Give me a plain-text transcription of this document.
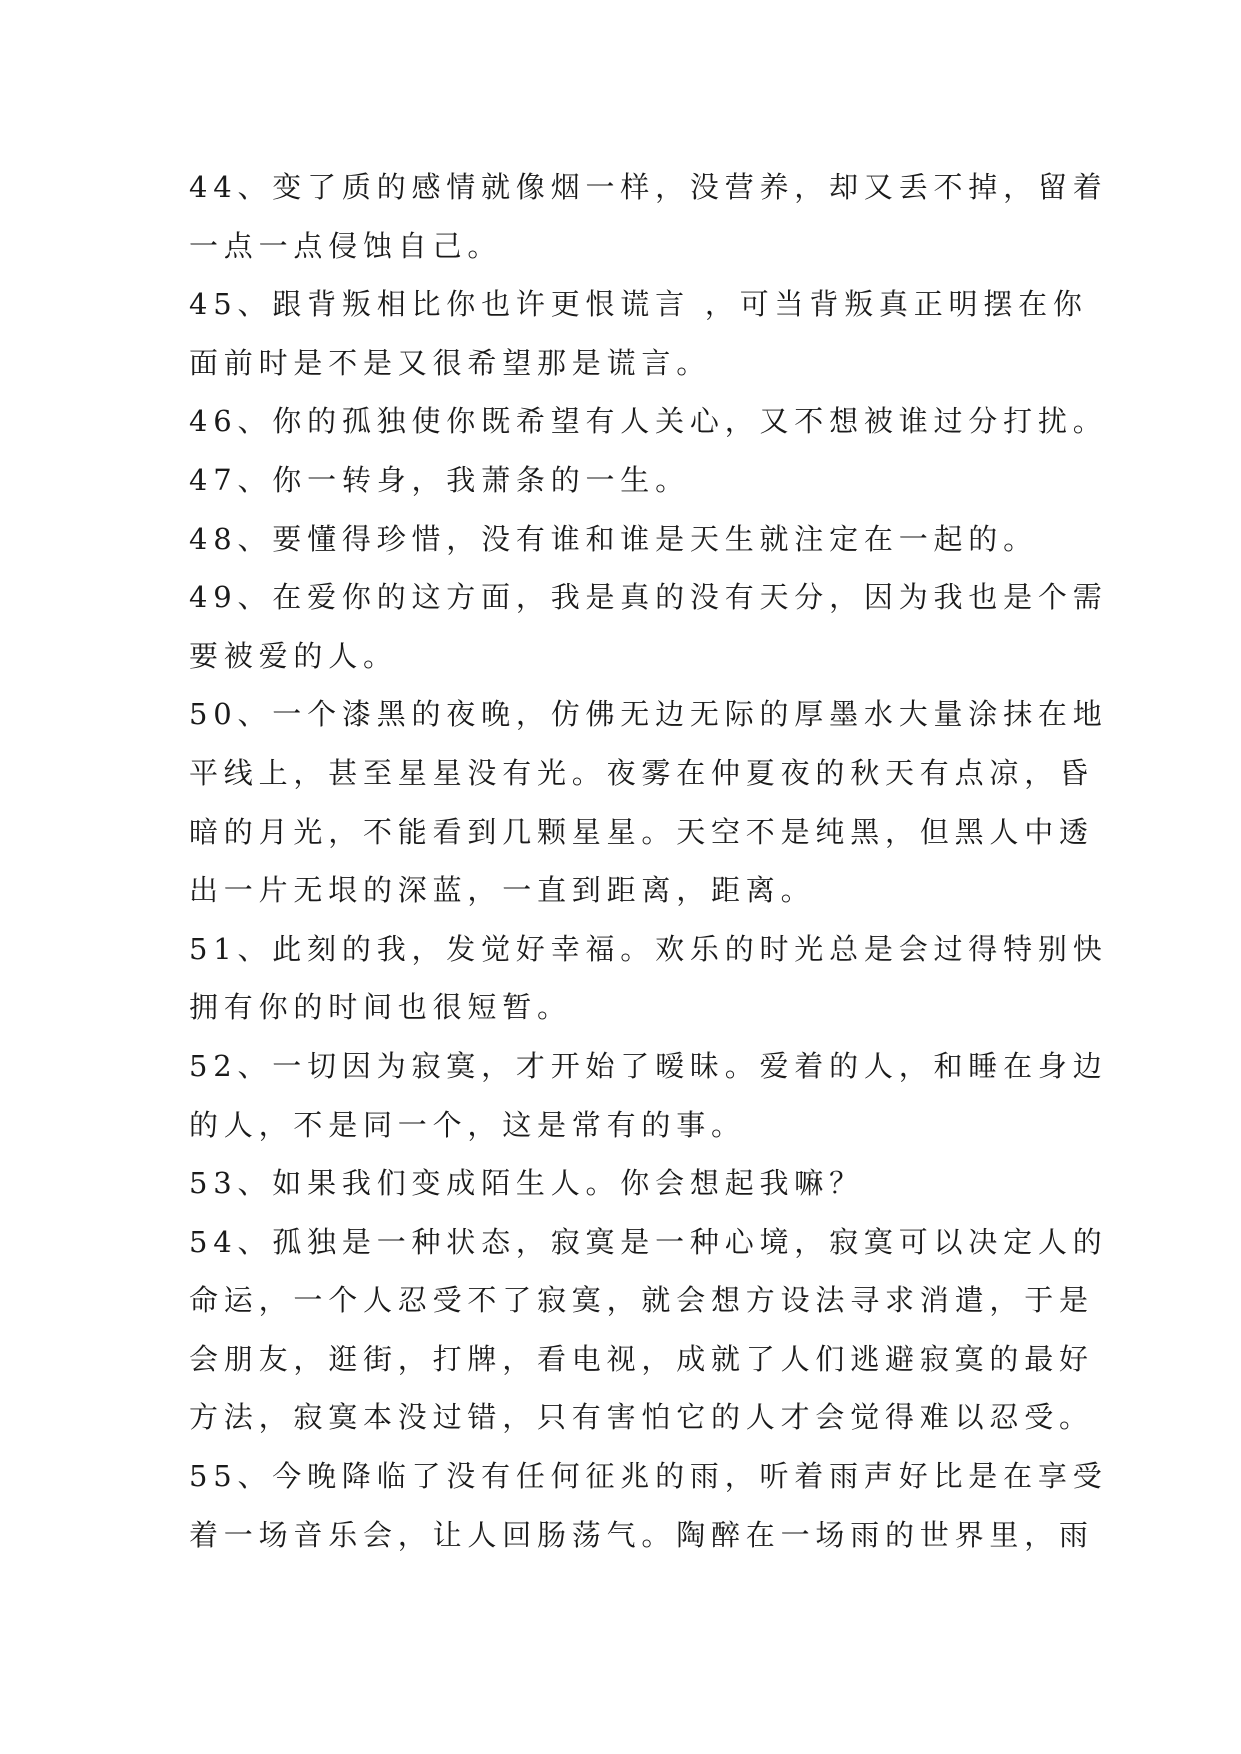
44、变了质的感情就像烟一样，没营养，却又丢不掉，留着
一点一点侵蚀自己。
45、跟背叛相比你也许更恨谎言 ，可当背叛真正明摆在你
面前时是不是又很希望那是谎言。
46、你的孤独使你既希望有人关心，又不想被谁过分打扰。
47、你一转身，我萧条的一生。
48、要懂得珍惜，没有谁和谁是天生就注定在一起的。
49、在爱你的这方面，我是真的没有天分，因为我也是个需
要被爱的人。
50、一个漆黑的夜晚，仿佛无边无际的厚墨水大量涂抹在地
平线上，甚至星星没有光。夜雾在仲夏夜的秋天有点凉，昏
暗的月光，不能看到几颗星星。天空不是纯黑，但黑人中透
出一片无垠的深蓝，一直到距离，距离。
51、此刻的我，发觉好幸福。欢乐的时光总是会过得特别快
拥有你的时间也很短暂。
52、一切因为寂寞，才开始了暧昧。爱着的人，和睡在身边
的人，不是同一个，这是常有的事。
53、如果我们变成陌生人。你会想起我嘛？
54、孤独是一种状态，寂寞是一种心境，寂寞可以决定人的
命运，一个人忍受不了寂寞，就会想方设法寻求消遣，于是
会朋友，逛街，打牌，看电视，成就了人们逃避寂寞的最好
方法，寂寞本没过错，只有害怕它的人才会觉得难以忍受。
55、今晚降临了没有任何征兆的雨，听着雨声好比是在享受
着一场音乐会，让人回肠荡气。陶醉在一场雨的世界里，雨
